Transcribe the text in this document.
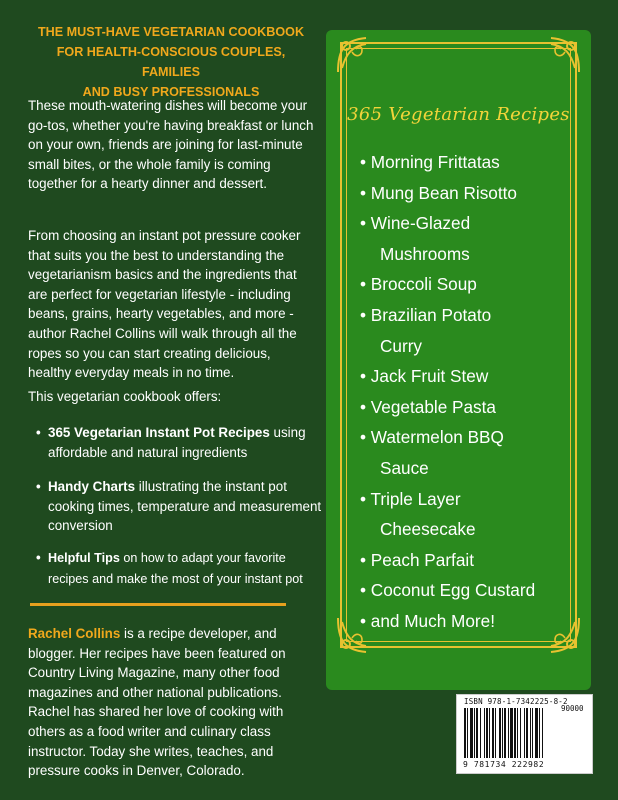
THE MUST-HAVE VEGETARIAN COOKBOOK
FOR HEALTH-CONSCIOUS COUPLES, FAMILIES
AND BUSY PROFESSIONALS

These mouth-watering dishes will become your go-tos, whether you're having breakfast or lunch on your own, friends are joining for last-minute small bites, or the whole family is coming together for a hearty dinner and dessert.

From choosing an instant pot pressure cooker that suits you the best to understanding the vegetarianism basics and the ingredients that are perfect for vegetarian lifestyle - including beans, grains, hearty vegetables, and more - author Rachel Collins will walk through all the ropes so you can start creating delicious, healthy everyday meals in no time.

This vegetarian cookbook offers:

• 365 Vegetarian Instant Pot Recipes using affordable and natural ingredients
• Handy Charts illustrating the instant pot cooking times, temperature and measurement conversion
• Helpful Tips on how to adapt your favorite recipes and make the most of your instant pot

Rachel Collins is a recipe developer, and blogger. Her recipes have been featured on Country Living Magazine, many other food magazines and other national publications. Rachel has shared her love of cooking with others as a food writer and culinary class instructor. Today she writes, teaches, and pressure cooks in Denver, Colorado.

365 Vegetarian Recipes
• Morning Frittatas
• Mung Bean Risotto
• Wine-Glazed
Mushrooms
• Broccoli Soup
• Brazilian Potato
Curry
• Jack Fruit Stew
• Vegetable Pasta
• Watermelon BBQ
Sauce
• Triple Layer
Cheesecake
• Peach Parfait
• Coconut Egg Custard
• and Much More!
ISBN 978-1-7342225-8-2
90000
9 781734 222982
